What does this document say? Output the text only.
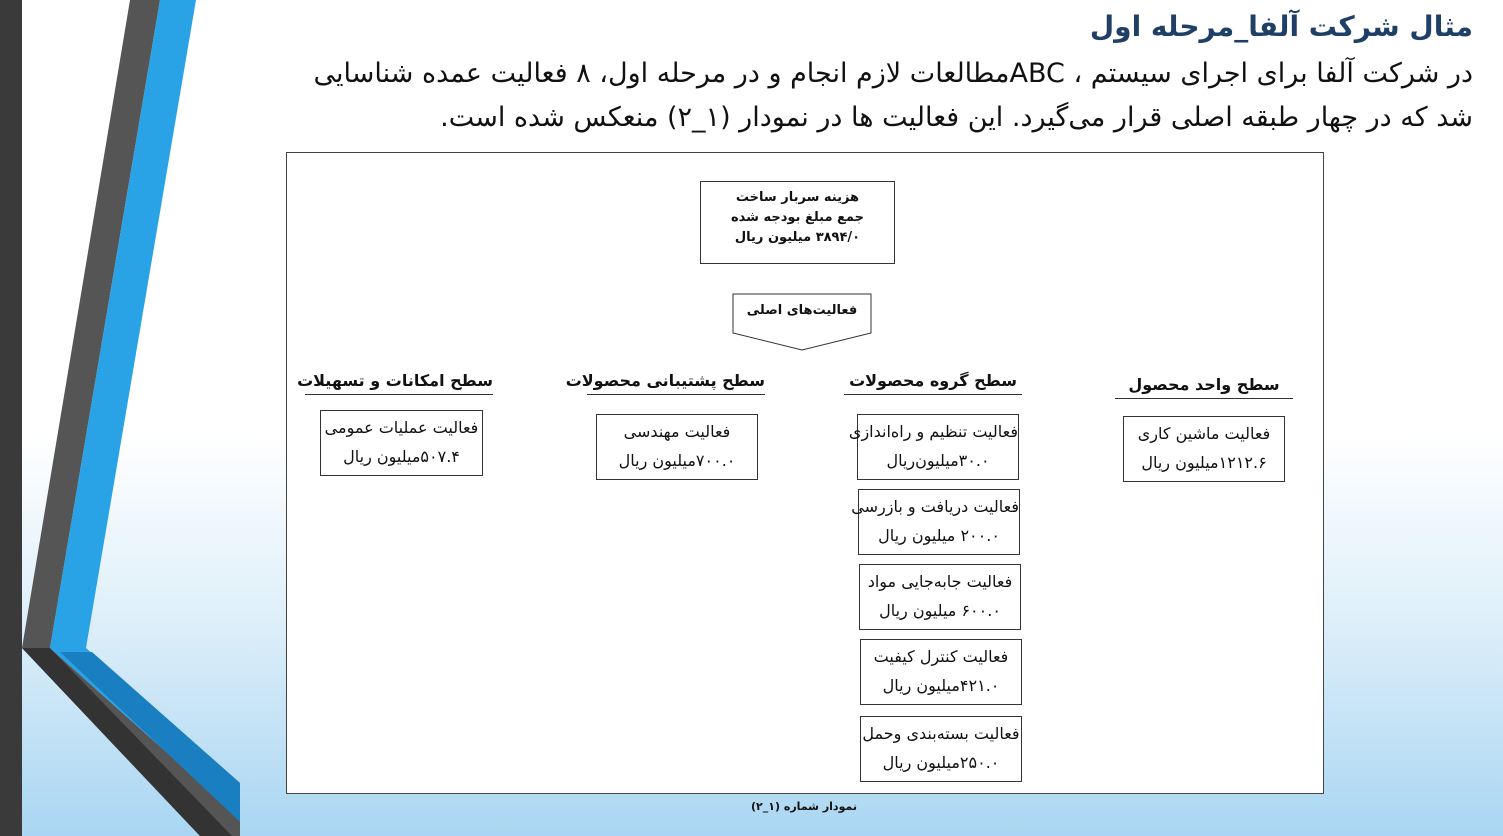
مثال شرکت آلفا_مرحله اول
در شرکت آلفا برای اجرای سیستم ، ABCمطالعات لازم انجام و در مرحله اول، ۸ فعالیت عمده شناسایی
شد که در چهار طبقه اصلی قرار می‌گیرد. این فعالیت ها در نمودار (۱_۲) منعکس شده است.
هزینه سربار ساخت
جمع مبلغ بودجه شده
۳۸۹۴/۰ میلیون ریال
فعالیت‌های اصلی
سطح واحد محصول
سطح گروه محصولات
سطح پشتیبانی محصولات
سطح امکانات و تسهیلات
فعالیت ماشین کاری
۱۲۱۲.۶میلیون ریال
فعالیت تنظیم و راه‌اندازی
۳۰.۰میلیون‌ریال
فعالیت دریافت و بازرسی
۲۰۰.۰ میلیون ریال
فعالیت جابه‌جایی مواد
۶۰۰.۰ میلیون ریال
فعالیت کنترل کیفیت
۴۲۱.۰میلیون ریال
فعالیت بسته‌بندی وحمل
۲۵۰.۰میلیون ریال
فعالیت مهندسی
۷۰۰.۰میلیون ریال
فعالیت عملیات عمومی
۵۰۷.۴میلیون ریال
نمودار شماره (۱_۲)
